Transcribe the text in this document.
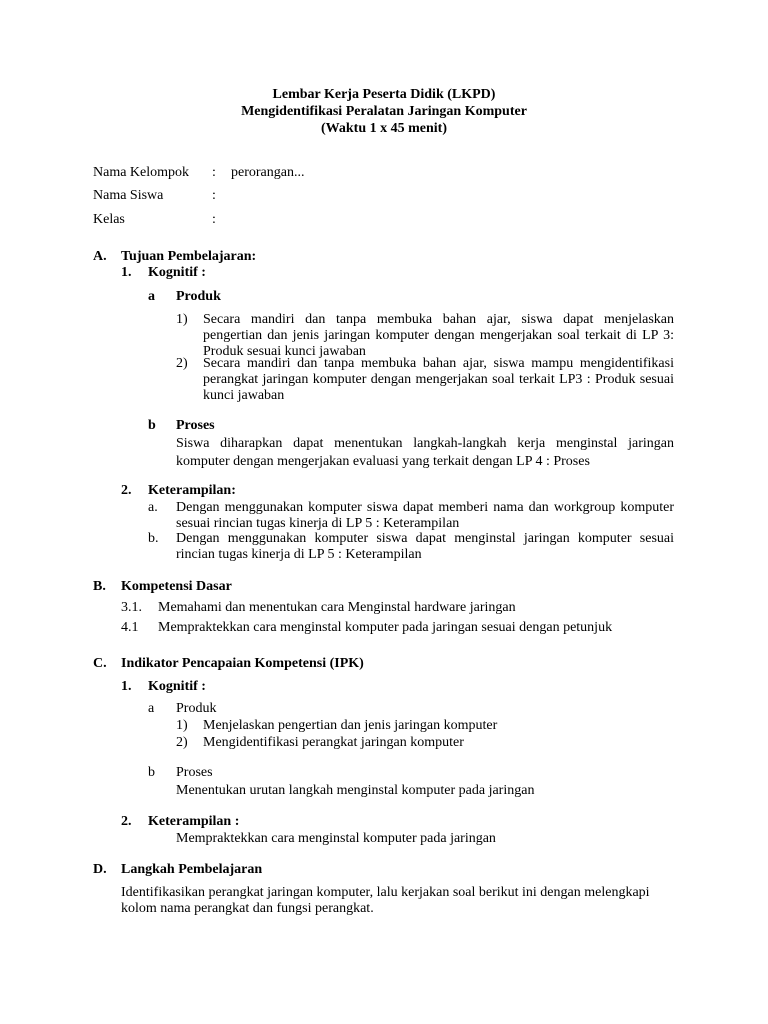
Lembar Kerja Peserta Didik (LKPD)
Mengidentifikasi Peralatan Jaringan Komputer
(Waktu 1 x 45 menit)
Nama Kelompok : perorangan...
Nama Siswa	:
Kelas	:
A. Tujuan Pembelajaran:
1. Kognitif :
a Produk
1) Secara mandiri dan tanpa membuka bahan ajar, siswa dapat menjelaskan
pengertian dan jenis jaringan komputer dengan mengerjakan soal terkait di LP 3:
Produk sesuai kunci jawaban
2) Secara mandiri dan tanpa membuka bahan ajar, siswa mampu mengidentifikasi
perangkat jaringan komputer dengan mengerjakan soal terkait LP3 : Produk sesuai
kunci jawaban
b Proses
Siswa diharapkan dapat menentukan langkah-langkah kerja menginstal jaringan
komputer dengan mengerjakan evaluasi yang terkait dengan LP 4 : Proses
2. Keterampilan:
a. Dengan menggunakan komputer siswa dapat memberi nama dan workgroup komputer
sesuai rincian tugas kinerja di LP 5 : Keterampilan
b. Dengan menggunakan komputer siswa dapat menginstal jaringan komputer sesuai
rincian tugas kinerja di LP 5 : Keterampilan
B. Kompetensi Dasar
3.1. Memahami dan menentukan cara Menginstal hardware jaringan
4.1 Mempraktekkan cara menginstal komputer pada jaringan sesuai dengan petunjuk
C. Indikator Pencapaian Kompetensi (IPK)
1. Kognitif :
a Produk
1) Menjelaskan pengertian dan jenis jaringan komputer
2) Mengidentifikasi perangkat jaringan komputer
b Proses
Menentukan urutan langkah menginstal komputer pada jaringan
2. Keterampilan :
Mempraktekkan cara menginstal komputer pada jaringan
D. Langkah Pembelajaran
Identifikasikan perangkat jaringan komputer, lalu kerjakan soal berikut ini dengan melengkapi
kolom nama perangkat dan fungsi perangkat.
